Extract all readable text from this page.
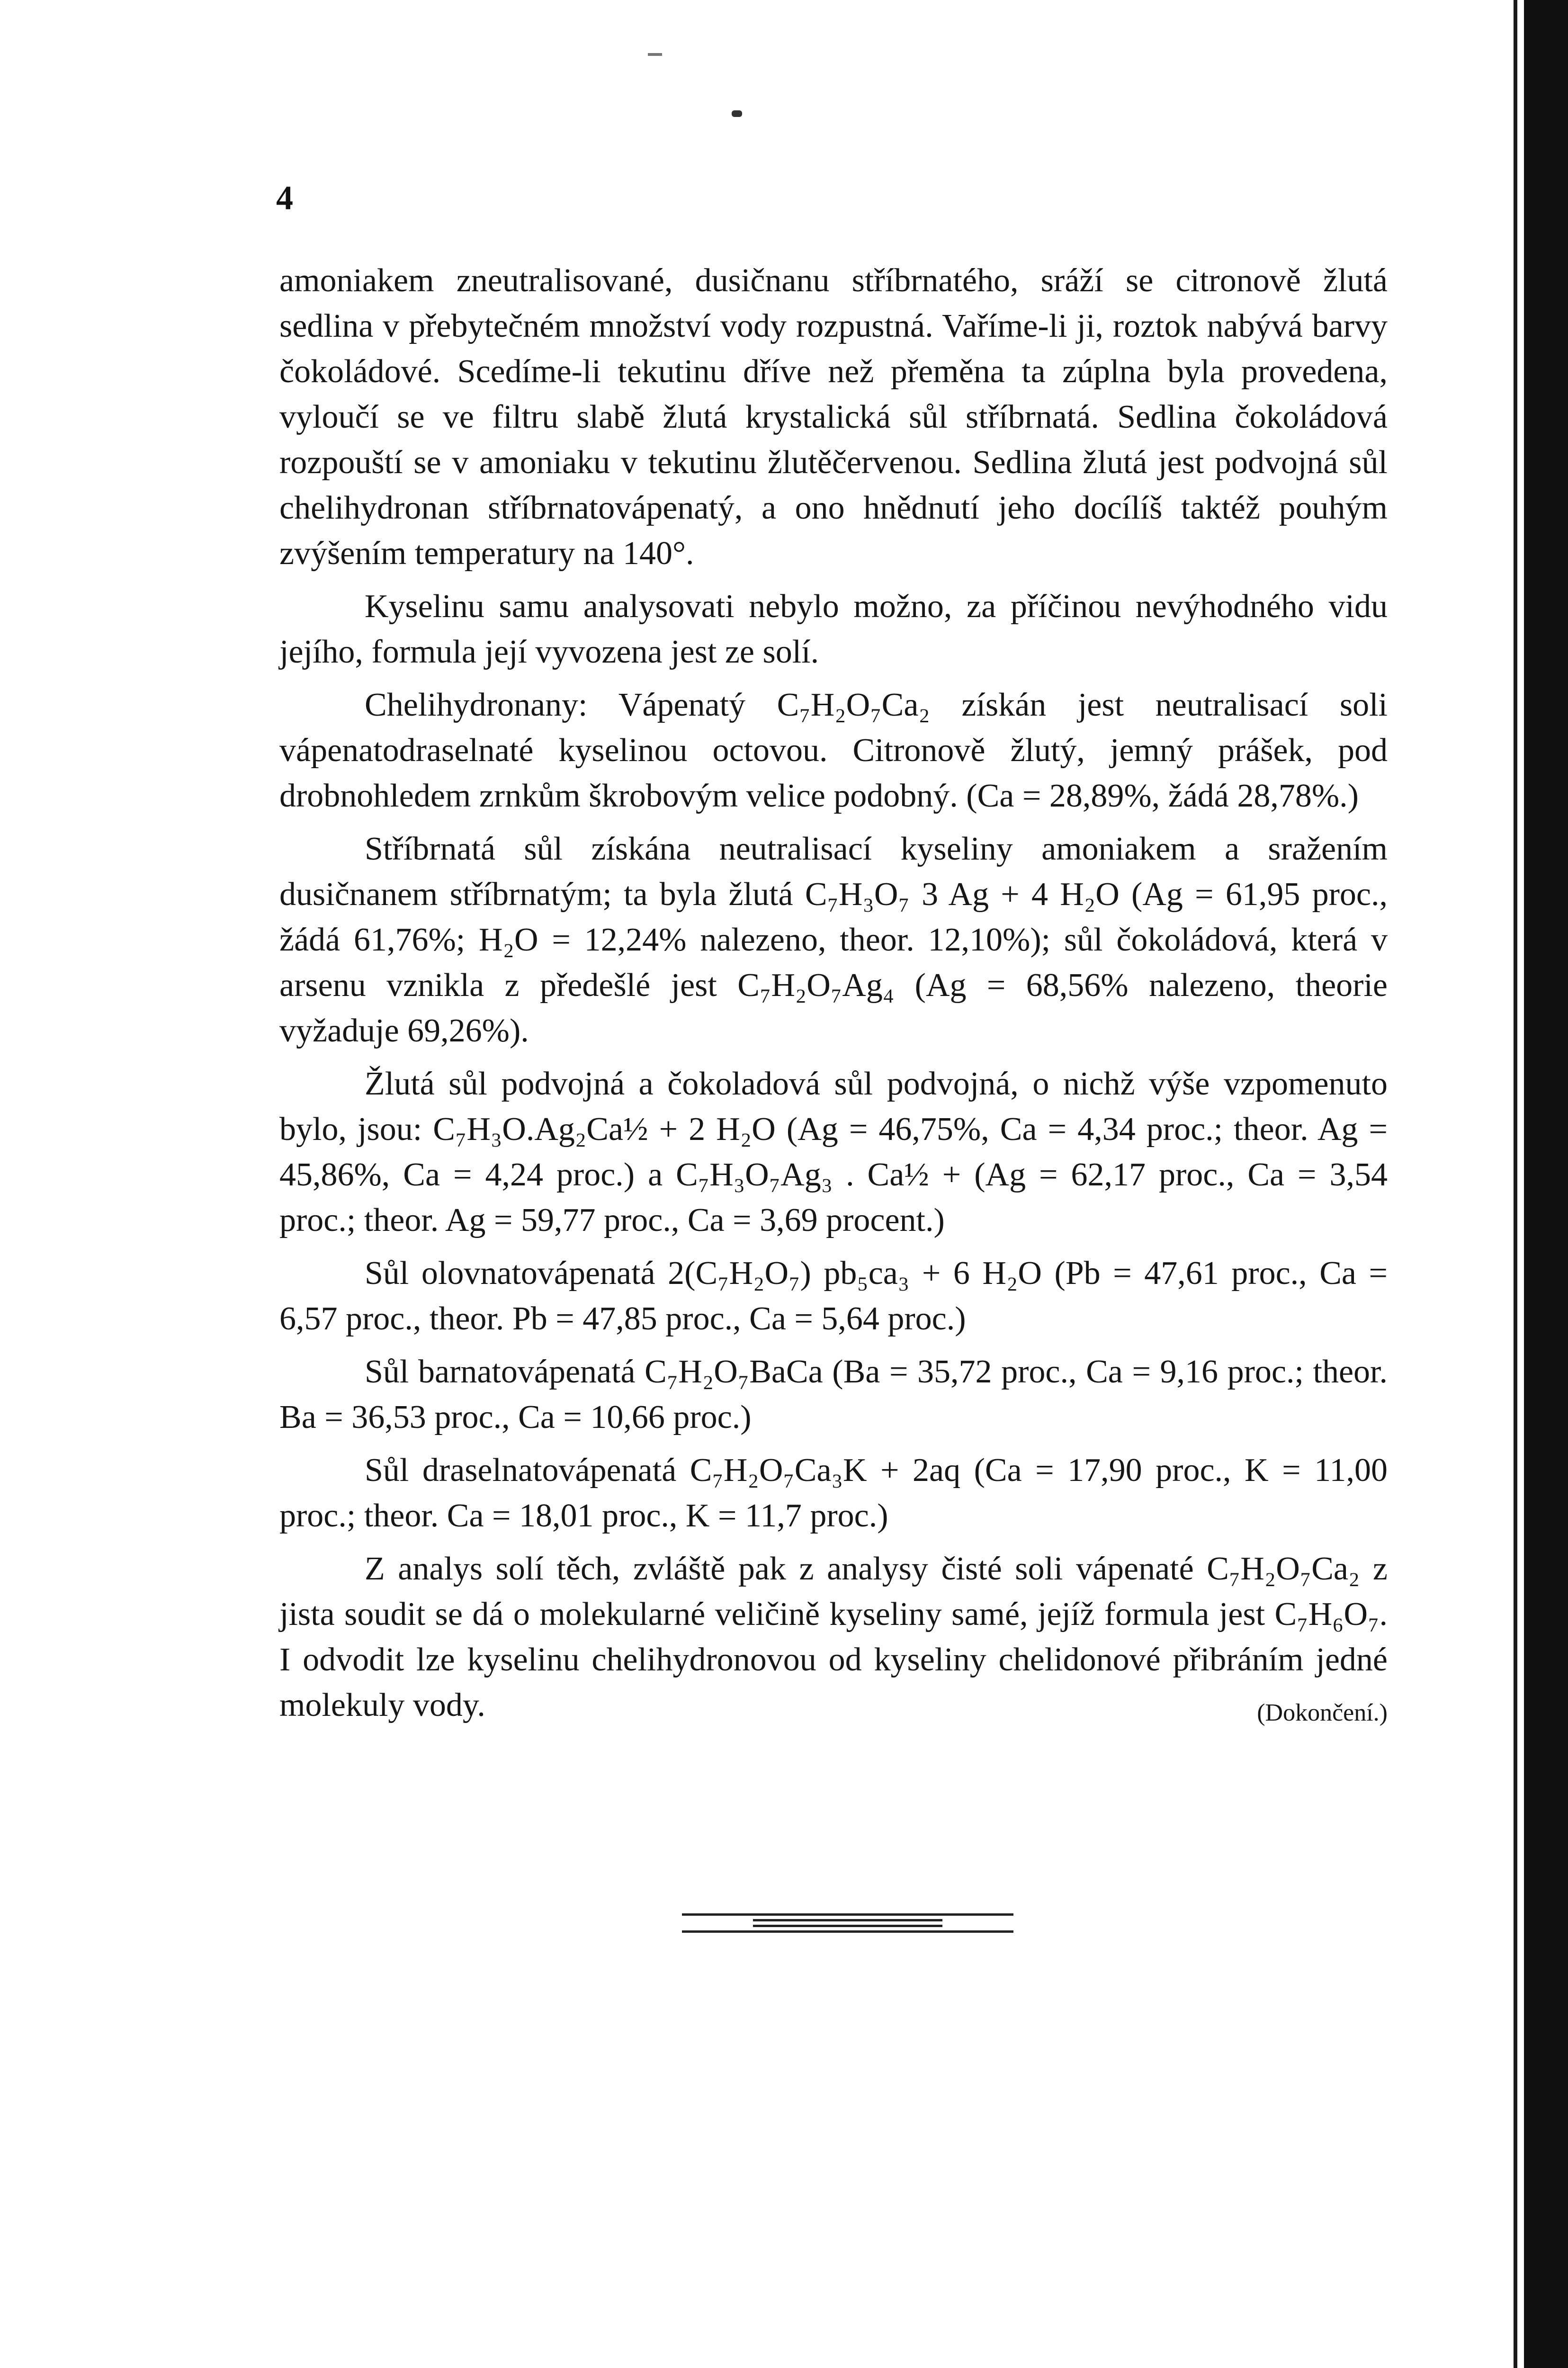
4

amoniakem zneutralisované, dusičnanu stříbrnatého, sráží se citronově žlutá sedlina v přebytečném množství vody rozpustná. Vaříme-li ji, roztok nabývá barvy čokoládové. Scedíme-li tekutinu dříve než přeměna ta zúplna byla provedena, vyloučí se ve filtru slabě žlutá krystalická sůl stříbrnatá. Sedlina čokoládová rozpouští se v amoniaku v tekutinu žlutěčervenou. Sedlina žlutá jest podvojná sůl chelihydronan stříbrnatovápenatý, a ono hnědnutí jeho docílíš taktéž pouhým zvýšením temperatury na 140°.

Kyselinu samu analysovati nebylo možno, za příčinou nevýhodného vidu jejího, formula její vyvozena jest ze solí.

Chelihydronany: Vápenatý C₇H₂O₇Ca₂ získán jest neutralisací soli vápenatodraselnaté kyselinou octovou. Citronově žlutý, jemný prášek, pod drobnohledem zrnkům škrobovým velice podobný. (Ca = 28,89%, žádá 28,78%.)

Stříbrnatá sůl získána neutralisací kyseliny amoniakem a sražením dusičnanem stříbrnatým; ta byla žlutá C₇H₃O₇ 3 Ag + 4 H₂O (Ag = 61,95 proc., žádá 61,76%; H₂O = 12,24% nalezeno, theor. 12,10%); sůl čokoládová, která v arsenu vznikla z předešlé jest C₇H₂O₇Ag₄ (Ag = 68,56% nalezeno, theorie vyžaduje 69,26%).

Žlutá sůl podvojná a čokoladová sůl podvojná, o nichž výše vzpomenuto bylo, jsou: C₇H₃O.Ag₂Ca½ + 2 H₂O (Ag = 46,75%, Ca = 4,34 proc.; theor. Ag = 45,86%, Ca = 4,24 proc.) a C₇H₃O₇Ag₃ . Ca½ + (Ag = 62,17 proc., Ca = 3,54 proc.; theor. Ag = 59,77 proc., Ca = 3,69 procent.)

Sůl olovnatovápenatá 2(C₇H₂O₇) pb₅ca₃ + 6 H₂O (Pb = 47,61 proc., Ca = 6,57 proc., theor. Pb = 47,85 proc., Ca = 5,64 proc.)

Sůl barnatovápenatá C₇H₂O₇BaCa (Ba = 35,72 proc., Ca = 9,16 proc.; theor. Ba = 36,53 proc., Ca = 10,66 proc.)

Sůl draselnatovápenatá C₇H₂O₇Ca₃K + 2aq (Ca = 17,90 proc., K = 11,00 proc.; theor. Ca = 18,01 proc., K = 11,7 proc.)

Z analys solí těch, zvláště pak z analysy čisté soli vápenaté C₇H₂O₇Ca₂ z jista soudit se dá o molekularné veličině kyseliny samé, jejíž formula jest C₇H₆O₇. I odvodit lze kyselinu chelihydronovou od kyseliny chelidonové přibráním jedné molekuly vody.	(Dokončení.)
